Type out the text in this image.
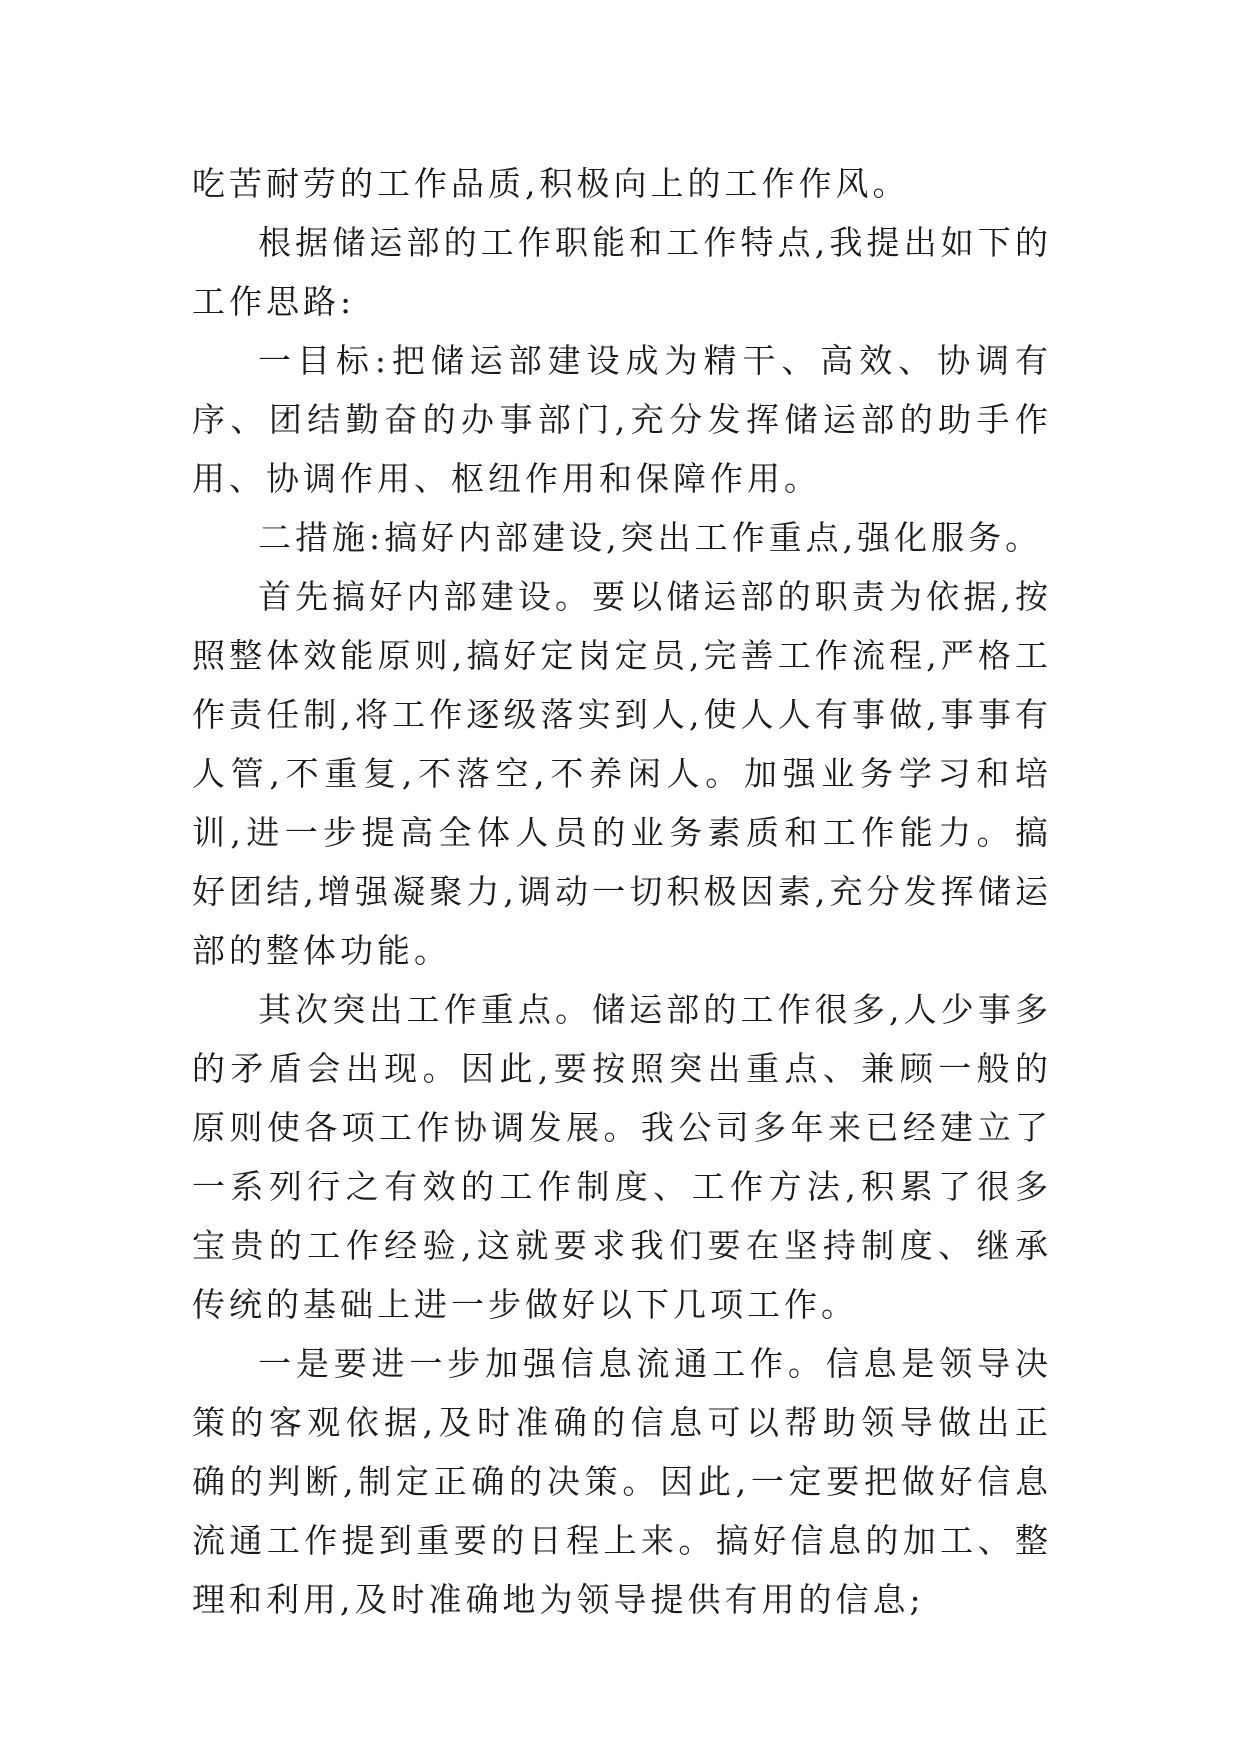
吃苦耐劳的工作品质,积极向上的工作作风。

根据储运部的工作职能和工作特点,我提出如下的工作思路:

一目标:把储运部建设成为精干、高效、协调有序、团结勤奋的办事部门,充分发挥储运部的助手作用、协调作用、枢纽作用和保障作用。

二措施:搞好内部建设,突出工作重点,强化服务。

首先搞好内部建设。要以储运部的职责为依据,按照整体效能原则,搞好定岗定员,完善工作流程,严格工作责任制,将工作逐级落实到人,使人人有事做,事事有人管,不重复,不落空,不养闲人。加强业务学习和培训,进一步提高全体人员的业务素质和工作能力。搞好团结,增强凝聚力,调动一切积极因素,充分发挥储运部的整体功能。

其次突出工作重点。储运部的工作很多,人少事多的矛盾会出现。因此,要按照突出重点、兼顾一般的原则使各项工作协调发展。我公司多年来已经建立了一系列行之有效的工作制度、工作方法,积累了很多宝贵的工作经验,这就要求我们要在坚持制度、继承传统的基础上进一步做好以下几项工作。

一是要进一步加强信息流通工作。信息是领导决策的客观依据,及时准确的信息可以帮助领导做出正确的判断,制定正确的决策。因此,一定要把做好信息流通工作提到重要的日程上来。搞好信息的加工、整理和利用,及时准确地为领导提供有用的信息;
